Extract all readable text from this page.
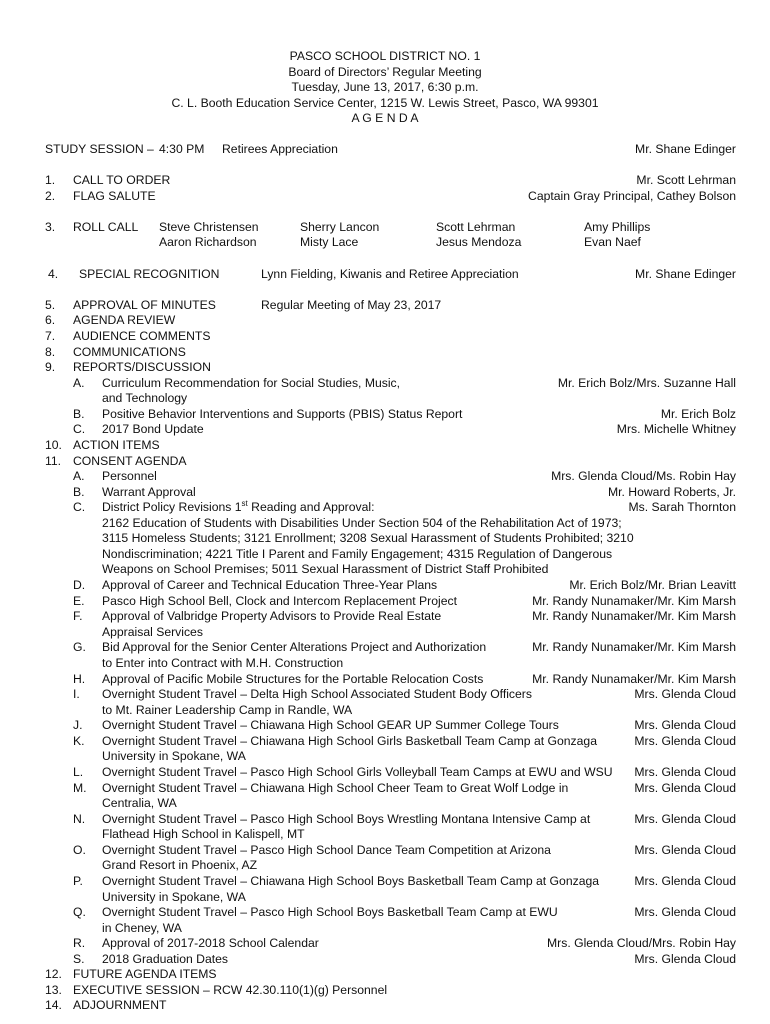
PASCO SCHOOL DISTRICT NO. 1
Board of Directors’ Regular Meeting
Tuesday, June 13, 2017, 6:30 p.m.
C. L. Booth Education Service Center, 1215 W. Lewis Street, Pasco, WA 99301
A G E N D A
STUDY SESSION – 4:30 PM Retirees Appreciation	Mr. Shane Edinger
1. CALL TO ORDER	Mr. Scott Lehrman
2. FLAG SALUTE	Captain Gray Principal, Cathey Bolson
3. ROLL CALL Steve Christensen	Sherry Lancon	Scott Lehrman	Amy Phillips
Aaron Richardson	Misty Lace	Jesus Mendoza	Evan Naef
4. SPECIAL RECOGNITION	Lynn Fielding, Kiwanis and Retiree Appreciation	Mr. Shane Edinger
5. APPROVAL OF MINUTES	Regular Meeting of May 23, 2017
6. AGENDA REVIEW
7. AUDIENCE COMMENTS
8. COMMUNICATIONS
9. REPORTS/DISCUSSION
A. Curriculum Recommendation for Social Studies, Music,	Mr. Erich Bolz/Mrs. Suzanne Hall
and Technology
B. Positive Behavior Interventions and Supports (PBIS) Status Report	Mr. Erich Bolz
C. 2017 Bond Update	Mrs. Michelle Whitney
10. ACTION ITEMS
11. CONSENT AGENDA
A. Personnel	Mrs. Glenda Cloud/Ms. Robin Hay
B. Warrant Approval	Mr. Howard Roberts, Jr.
C. District Policy Revisions 1st Reading and Approval:	Ms. Sarah Thornton
2162 Education of Students with Disabilities Under Section 504 of the Rehabilitation Act of 1973;
3115 Homeless Students; 3121 Enrollment; 3208 Sexual Harassment of Students Prohibited; 3210
Nondiscrimination; 4221 Title I Parent and Family Engagement; 4315 Regulation of Dangerous
Weapons on School Premises; 5011 Sexual Harassment of District Staff Prohibited
D. Approval of Career and Technical Education Three-Year Plans	Mr. Erich Bolz/Mr. Brian Leavitt
E. Pasco High School Bell, Clock and Intercom Replacement Project	Mr. Randy Nunamaker/Mr. Kim Marsh
F. Approval of Valbridge Property Advisors to Provide Real Estate	Mr. Randy Nunamaker/Mr. Kim Marsh
Appraisal Services
G. Bid Approval for the Senior Center Alterations Project and Authorization	Mr. Randy Nunamaker/Mr. Kim Marsh
to Enter into Contract with M.H. Construction
H. Approval of Pacific Mobile Structures for the Portable Relocation Costs	Mr. Randy Nunamaker/Mr. Kim Marsh
I. Overnight Student Travel – Delta High School Associated Student Body Officers	Mrs. Glenda Cloud
to Mt. Rainer Leadership Camp in Randle, WA
J. Overnight Student Travel – Chiawana High School GEAR UP Summer College Tours	Mrs. Glenda Cloud
K. Overnight Student Travel – Chiawana High School Girls Basketball Team Camp at Gonzaga	Mrs. Glenda Cloud
University in Spokane, WA
L. Overnight Student Travel – Pasco High School Girls Volleyball Team Camps at EWU and WSU Mrs. Glenda Cloud
M. Overnight Student Travel – Chiawana High School Cheer Team to Great Wolf Lodge in	Mrs. Glenda Cloud
Centralia, WA
N. Overnight Student Travel – Pasco High School Boys Wrestling Montana Intensive Camp at	Mrs. Glenda Cloud
Flathead High School in Kalispell, MT
O. Overnight Student Travel – Pasco High School Dance Team Competition at Arizona	Mrs. Glenda Cloud
Grand Resort in Phoenix, AZ
P. Overnight Student Travel – Chiawana High School Boys Basketball Team Camp at Gonzaga	Mrs. Glenda Cloud
University in Spokane, WA
Q. Overnight Student Travel – Pasco High School Boys Basketball Team Camp at EWU	Mrs. Glenda Cloud
in Cheney, WA
R. Approval of 2017-2018 School Calendar	Mrs. Glenda Cloud/Mrs. Robin Hay
S. 2018 Graduation Dates	Mrs. Glenda Cloud
12. FUTURE AGENDA ITEMS
13. EXECUTIVE SESSION – RCW 42.30.110(1)(g) Personnel
14. ADJOURNMENT
